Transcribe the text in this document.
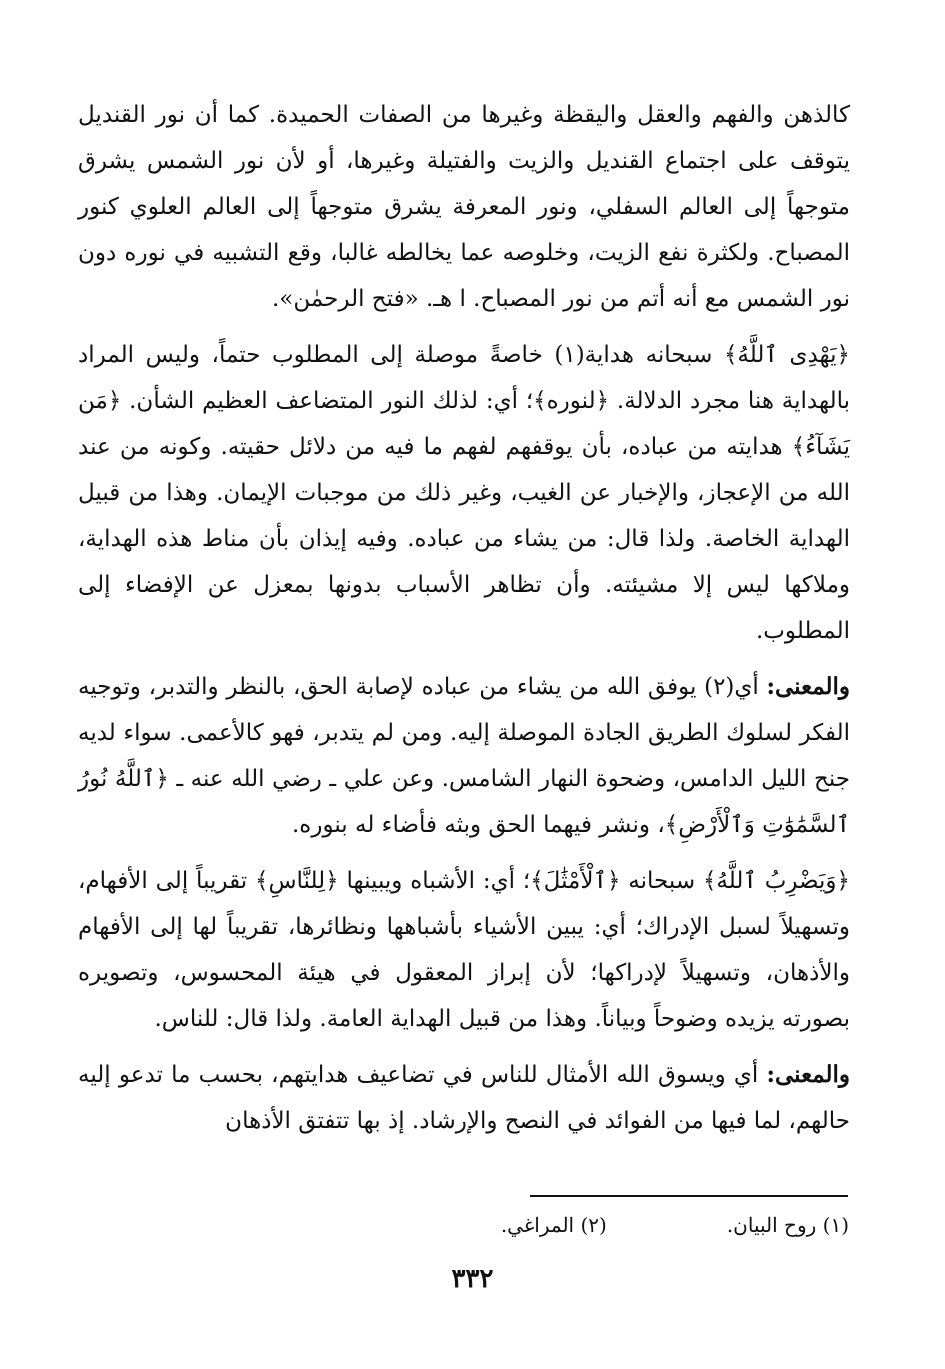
كالذهن والفهم والعقل واليقظة وغيرها من الصفات الحميدة. كما أن نور القنديل يتوقف على اجتماع القنديل والزيت والفتيلة وغيرها، أو لأن نور الشمس يشرق متوجهاً إلى العالم السفلي، ونور المعرفة يشرق متوجهاً إلى العالم العلوي كنور المصباح. ولكثرة نفع الزيت، وخلوصه عما يخالطه غالبا، وقع التشبيه في نوره دون نور الشمس مع أنه أتم من نور المصباح. ا هـ. «فتح الرحمٰن».

﴿يَهْدِى ٱللَّهُ﴾ سبحانه هداية(١) خاصةً موصلة إلى المطلوب حتماً، وليس المراد بالهداية هنا مجرد الدلالة. ﴿لنوره﴾؛ أي: لذلك النور المتضاعف العظيم الشأن. ﴿مَن يَشَآءُ﴾ هدايته من عباده، بأن يوقفهم لفهم ما فيه من دلائل حقيته. وكونه من عند الله من الإعجاز، والإخبار عن الغيب، وغير ذلك من موجبات الإيمان. وهذا من قبيل الهداية الخاصة. ولذا قال: من يشاء من عباده. وفيه إيذان بأن مناط هذه الهداية، وملاكها ليس إلا مشيئته. وأن تظاهر الأسباب بدونها بمعزل عن الإفضاء إلى المطلوب.

والمعنى: أي(٢) يوفق الله من يشاء من عباده لإصابة الحق، بالنظر والتدبر، وتوجيه الفكر لسلوك الطريق الجادة الموصلة إليه. ومن لم يتدبر، فهو كالأعمى. سواء لديه جنح الليل الدامس، وضحوة النهار الشامس. وعن علي ـ رضي الله عنه ـ ﴿ٱللَّهُ نُورُ ٱلسَّمَٰوَٰتِ وَٱلْأَرْضِ﴾، ونشر فيهما الحق وبثه فأضاء له بنوره.

﴿وَيَضْرِبُ ٱللَّهُ﴾ سبحانه ﴿ٱلْأَمْثَٰلَ﴾؛ أي: الأشباه ويبينها ﴿لِلنَّاسِ﴾ تقريباً إلى الأفهام، وتسهيلاً لسبل الإدراك؛ أي: يبين الأشياء بأشباهها ونظائرها، تقريباً لها إلى الأفهام والأذهان، وتسهيلاً لإدراكها؛ لأن إبراز المعقول في هيئة المحسوس، وتصويره بصورته يزيده وضوحاً وبياناً. وهذا من قبيل الهداية العامة. ولذا قال: للناس.

والمعنى: أي ويسوق الله الأمثال للناس في تضاعيف هدايتهم، بحسب ما تدعو إليه حالهم، لما فيها من الفوائد في النصح والإرشاد. إذ بها تتفتق الأذهان

(١) روح البيان.
(٢) المراغي.
٣٣٢
